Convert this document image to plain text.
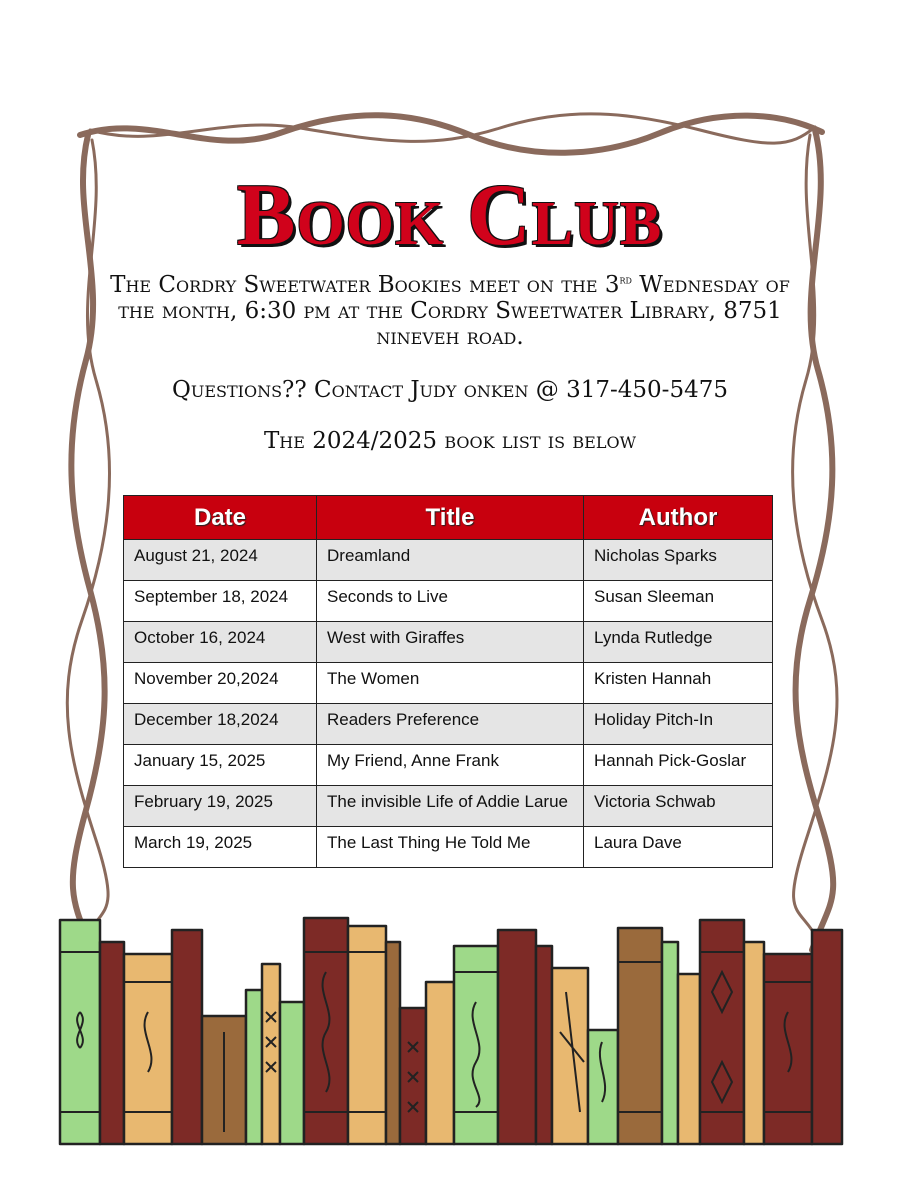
Book Club
The Cordry Sweetwater Bookies meet on the 3rd Wednesday of the month, 6:30 pm at the Cordry Sweetwater Library, 8751 nineveh road.
Questions?? Contact Judy onken @ 317-450-5475
The 2024/2025 book list is below
Date	Title	Author
August 21, 2024	Dreamland	Nicholas Sparks
September 18, 2024	Seconds to Live	Susan Sleeman
October 16, 2024	West with Giraffes	Lynda Rutledge
November 20,2024	The Women	Kristen Hannah
December 18,2024	Readers Preference	Holiday Pitch-In
January 15, 2025	My Friend, Anne Frank	Hannah Pick-Goslar
February 19, 2025	The invisible Life of Addie Larue	Victoria Schwab
March 19, 2025	The Last Thing He Told Me	Laura Dave
